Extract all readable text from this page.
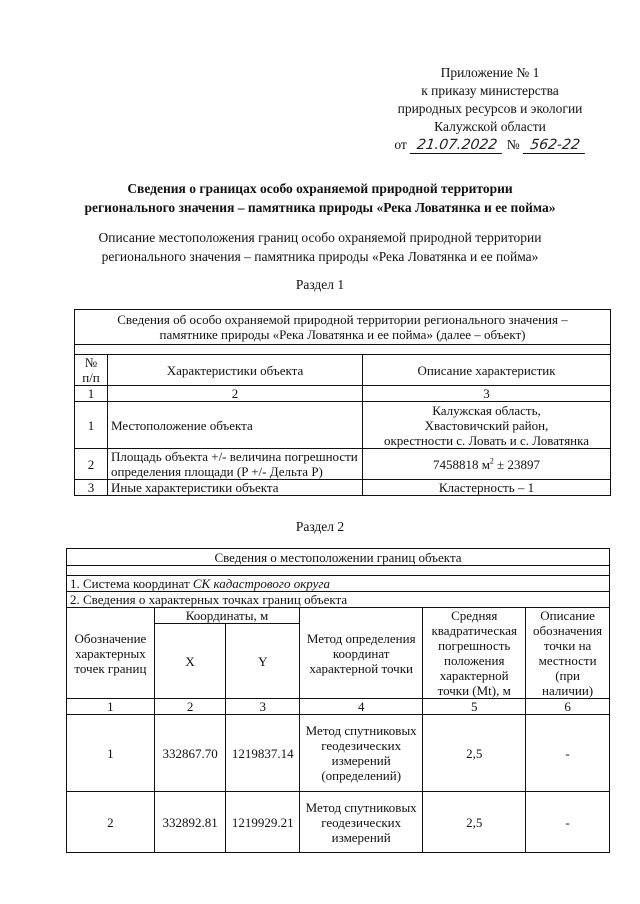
Приложение № 1
к приказу министерства
природных ресурсов и экологии
Калужской области
от 21.07.2022 № 562-22
Сведения о границах особо охраняемой природной территории
регионального значения – памятника природы «Река Ловатянка и ее пойма»
Описание местоположения границ особо охраняемой природной территории
регионального значения – памятника природы «Река Ловатянка и ее пойма»
Раздел 1
Сведения об особо охраняемой природной территории регионального значения –
памятнике природы «Река Ловатянка и ее пойма» (далее – объект)		

№ п/п	Характеристики объекта	Описание характеристик
1	2	3
1	Местоположение объекта	Калужская область,
Хвастовичский район,
окрестности с. Ловать и с. Ловатянка

2	Площадь объекта +/- величина погрешности
определения площади (P +/- Дельта P)	7458818 $м^2 \pm 23897$
3	Иные характеристики объекта	Кластерность – 1
Раздел 2
Сведения о местоположении границ объекта					

1. Система координат СК кадастрового округа					
2. Сведения о характерных точках границ объекта					
Обозначение характерных точек границ	Координаты, м		Метод определения координат характерной точки	Средняя квадратическая погрешность положения характерной точки (Mt), м	Описание обозначения точки на местности (при наличии)
	X	Y			
1	2	3	4	5	6
1	332867.70	1219837.14	Метод спутниковых геодезических измерений (определений)	2,5	-
2	332892.81	1219929.21	Метод спутниковых геодезических измерений	2,5	-
